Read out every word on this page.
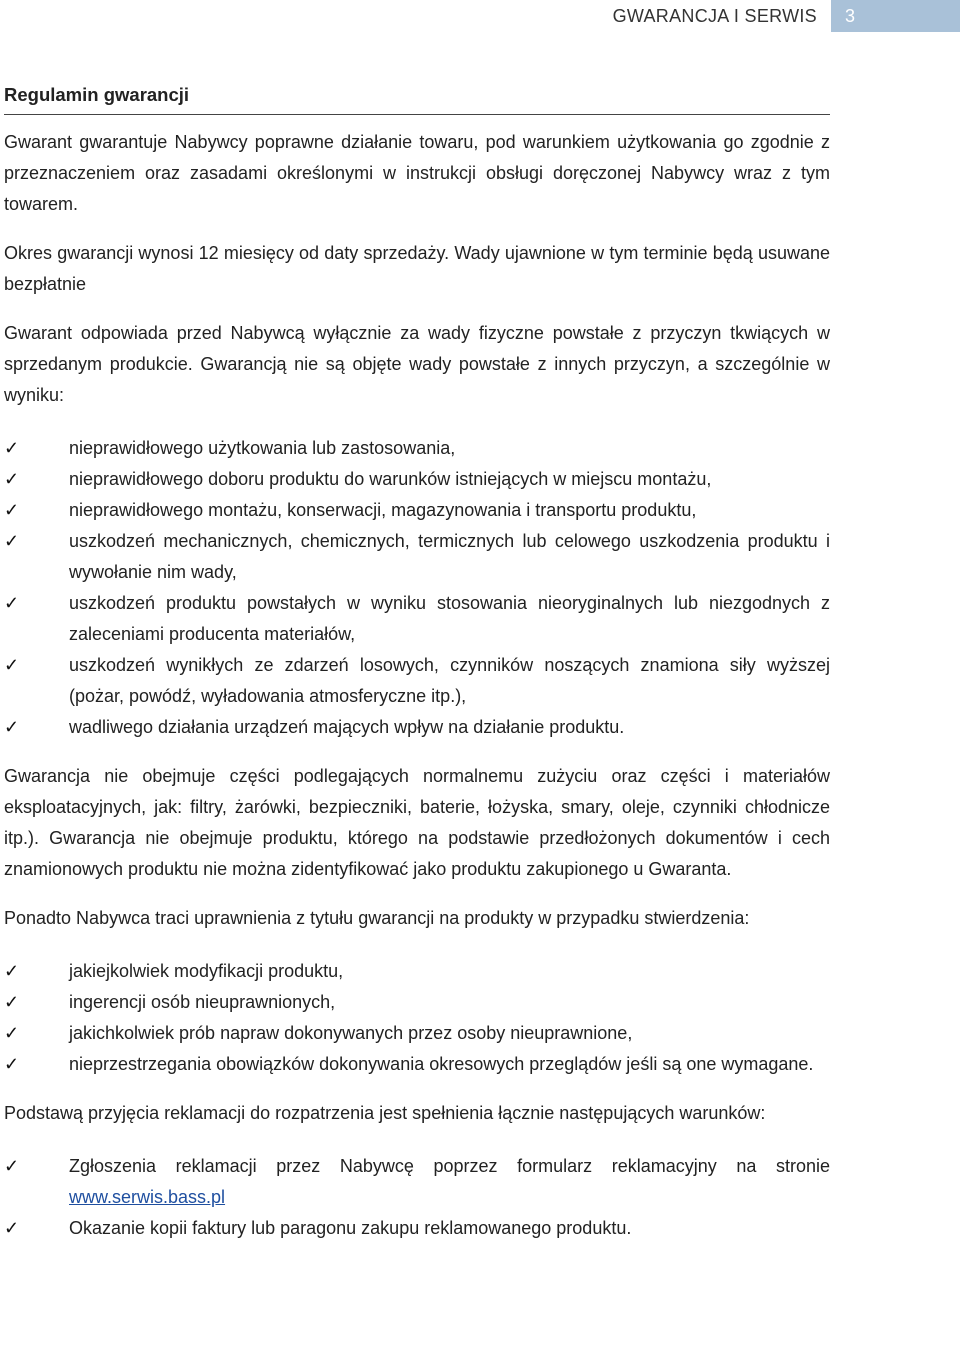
GWARANCJA I SERWIS	3
Regulamin gwarancji

Gwarant gwarantuje Nabywcy poprawne działanie towaru, pod warunkiem użytkowania go zgodnie z przeznaczeniem oraz zasadami określonymi w instrukcji obsługi doręczonej Nabywcy wraz z tym towarem.

Okres gwarancji wynosi 12 miesięcy od daty sprzedaży. Wady ujawnione w tym terminie będą usuwane bezpłatnie

Gwarant odpowiada przed Nabywcą wyłącznie za wady fizyczne powstałe z przyczyn tkwiących w sprzedanym produkcie. Gwarancją nie są objęte wady powstałe z innych przyczyn, a szczególnie w wyniku:

✓	nieprawidłowego użytkowania lub zastosowania,
✓	nieprawidłowego doboru produktu do warunków istniejących w miejscu montażu,
✓	nieprawidłowego montażu, konserwacji, magazynowania i transportu produktu,
✓	uszkodzeń mechanicznych, chemicznych, termicznych lub celowego uszkodzenia produktu i wywołanie nim wady,
✓	uszkodzeń produktu powstałych w wyniku stosowania nieoryginalnych lub niezgodnych z zaleceniami producenta materiałów,
✓	uszkodzeń wynikłych ze zdarzeń losowych, czynników noszących znamiona siły wyższej (pożar, powódź, wyładowania atmosferyczne itp.),
✓	wadliwego działania urządzeń mających wpływ na działanie produktu.

Gwarancja nie obejmuje części podlegających normalnemu zużyciu oraz części i materiałów eksploatacyjnych, jak: filtry, żarówki, bezpieczniki, baterie, łożyska, smary, oleje, czynniki chłodnicze itp.). Gwarancja nie obejmuje produktu, którego na podstawie przedłożonych dokumentów i cech znamionowych produktu nie można zidentyfikować jako produktu zakupionego u Gwaranta.

Ponadto Nabywca traci uprawnienia z tytułu gwarancji na produkty w przypadku stwierdzenia:

✓	jakiejkolwiek modyfikacji produktu,
✓	ingerencji osób nieuprawnionych,
✓	jakichkolwiek prób napraw dokonywanych przez osoby nieuprawnione,
✓	nieprzestrzegania obowiązków dokonywania okresowych przeglądów jeśli są one wymagane.

Podstawą przyjęcia reklamacji do rozpatrzenia jest spełnienia łącznie następujących warunków:

✓	Zgłoszenia reklamacji przez Nabywcę poprzez formularz reklamacyjny na stronie www.serwis.bass.pl
✓	Okazanie kopii faktury lub paragonu zakupu reklamowanego produktu.
